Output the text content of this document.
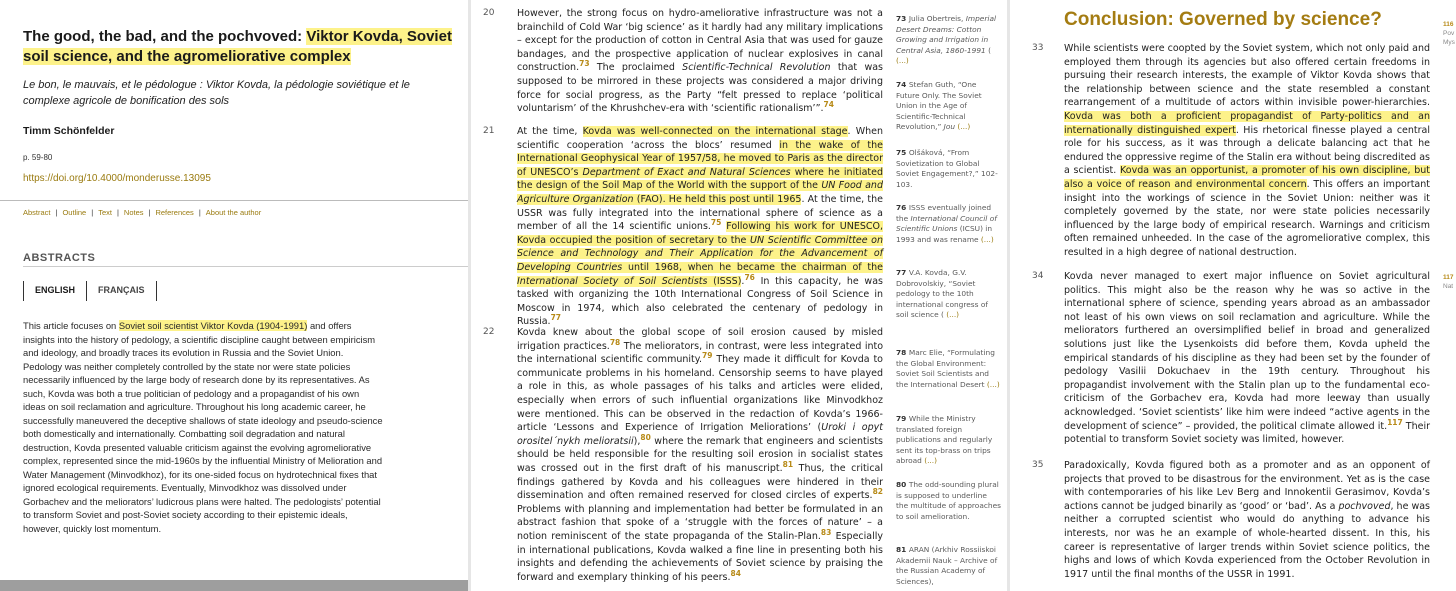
The good, the bad, and the pochvoved: Viktor Kovda, Soviet soil science, and the agromeliorative complex

Le bon, le mauvais, et le pédologue : Viktor Kovda, la pédologie soviétique et le complexe agricole de bonification des sols

Timm Schönfelder
p. 59-80
https://doi.org/10.4000/monderusse.13095
Abstract | Outline | Text | Notes | References | About the author
ABSTRACTS
ENGLISH	FRANÇAIS

This article focuses on Soviet soil scientist Viktor Kovda (1904-1991) and offers insights into the history of pedology, a scientific discipline caught between empiricism and ideology, and broadly traces its evolution in Russia and the Soviet Union. Pedology was neither completely controlled by the state nor were state policies necessarily influenced by the large body of research done by its representatives. As such, Kovda was both a true politician of pedology and a propagandist of his own ideas on soil reclamation and agriculture. Throughout his long academic career, he successfully maneuvered the deceptive shallows of state ideology and pseudo-science both domestically and internationally. Combatting soil degradation and natural destruction, Kovda presented valuable criticism against the evolving agromeliorative complex, represented since the mid-1960s by the influential Ministry of Melioration and Water Management (Minvodkhoz), for its one-sided focus on hydrotechnical fixes that ignored ecological requirements. Eventually, Minvodkhoz was dissolved under Gorbachev and the meliorators’ ludicrous plans were halted. The pedologists’ potential to transform Soviet and post-Soviet society according to their epistemic ideals, however, quickly lost momentum.

20 However, the strong focus on hydro-ameliorative infrastructure was not a brainchild of Cold War ‘big science’ as it hardly had any military implications – except for the production of cotton in Central Asia that was used for gauze bandages, and the prospective application of nuclear explosives in canal construction.$^{73}$ The proclaimed Scientific-Technical Revolution that was supposed to be mirrored in these projects was considered a major driving force for social progress, as the Party “felt pressed to replace ‘political voluntarism’ of the Khrushchev-era with ‘scientific rationalism’”.$^{74}$

21 At the time, Kovda was well-connected on the international stage. When scientific cooperation ‘across the blocs’ resumed in the wake of the International Geophysical Year of 1957/58, he moved to Paris as the director of UNESCO’s Department of Exact and Natural Sciences where he initiated the design of the Soil Map of the World with the support of the UN Food and Agriculture Organization (FAO). He held this post until 1965. At the time, the USSR was fully integrated into the international sphere of science as a member of all the 14 scientific unions.$^{75}$ Following his work for UNESCO, Kovda occupied the position of secretary to the UN Scientific Committee on Science and Technology and Their Application for the Advancement of Developing Countries until 1968, when he became the chairman of the International Society of Soil Scientists (ISSS).$^{76}$ In this capacity, he was tasked with organizing the 10th International Congress of Soil Science in Moscow in 1974, which also celebrated the centenary of pedology in Russia.$^{77}$

22 Kovda knew about the global scope of soil erosion caused by misled irrigation practices.$^{78}$ The meliorators, in contrast, were less integrated into the international scientific community.$^{79}$ They made it difficult for Kovda to communicate problems in his homeland. Censorship seems to have played a role in this, as whole passages of his talks and articles were elided, especially when errors of such influential organizations like Minvodkhoz were mentioned. This can be observed in the redaction of Kovda’s 1966-article ‘Lessons and Experience of Irrigation Meliorations’ (Uroki i opyt orositel´nykh melioratsii),$^{80}$ where the remark that engineers and scientists should be held responsible for the resulting soil erosion in socialist states was crossed out in the first draft of his manuscript.$^{81}$ Thus, the critical findings gathered by Kovda and his colleagues were hindered in their dissemination and often remained reserved for closed circles of experts.$^{82}$ Problems with planning and implementation had better be formulated in an abstract fashion that spoke of a ‘struggle with the forces of nature’ – a notion reminiscent of the state propaganda of the Stalin-Plan.$^{83}$ Especially in international publications, Kovda walked a fine line in presenting both his insights and defending the achievements of Soviet science by praising the forward and exemplary thinking of his peers.$^{84}$

73 Julia Obertreis, Imperial Desert Dreams: Cotton Growing and Irrigation in Central Asia, 1860-1991 ( (...)

74 Stefan Guth, “One Future Only. The Soviet Union in the Age of Scientific-Technical Revolution,” Jou (...)

75 Olšáková, “From Sovietization to Global Soviet Engagement?,” 102-103.

76 ISSS eventually joined the International Council of Scientific Unions (ICSU) in 1993 and was rename (...)

77 V.A. Kovda, G.V. Dobrovolskiy, “Soviet pedology to the 10th international congress of soil science ( (...)

78 Marc Elie, “Formulating the Global Environment: Soviet Soil Scientists and the International Desert (...)

79 While the Ministry translated foreign publications and regularly sent its top-brass on trips abroad (...)

80 The odd-sounding plural is supposed to underline the multitude of approaches to soil amelioration.

81 ARAN (Arkhiv Rossiiskoi Akademii Nauk – Archive of the Russian Academy of Sciences),

Conclusion: Governed by science?
33 While scientists were coopted by the Soviet system, which not only paid and employed them through its agencies but also offered certain freedoms in pursuing their research interests, the example of Viktor Kovda shows that the relationship between science and the state resembled a constant rearrangement of a multitude of actors within invisible power-hierarchies. Kovda was both a proficient propagandist of Party-politics and an internationally distinguished expert. His rhetorical finesse played a central role for his success, as it was through a delicate balancing act that he endured the oppressive regime of the Stalin era without being discredited as a scientist. Kovda was an opportunist, a promoter of his own discipline, but also a voice of reason and environmental concern. This offers an important insight into the workings of science in the Soviet Union: neither was it completely governed by the state, nor were state policies necessarily influenced by the large body of empirical research. Warnings and criticism often remained unheeded. In the case of the agromeliorative complex, this resulted in a high degree of national destruction.

34 Kovda never managed to exert major influence on Soviet agricultural politics. This might also be the reason why he was so active in the international sphere of science, spending years abroad as an ambassador not least of his own views on soil reclamation and agriculture. While the meliorators furthered an oversimplified belief in broad and generalized solutions just like the Lysenkoists did before them, Kovda upheld the empirical standards of his discipline as they had been set by the founder of pedology Vasilii Dokuchaev in the 19th century. Throughout his propagandist involvement with the Stalin plan up to the fundamental eco-criticism of the Gorbachev era, Kovda had more leeway than usually acknowledged. ‘Soviet scientists’ like him were indeed “active agents in the development of science” – provided, the political climate allowed it.$^{117}$ Their potential to transform Soviet society was limited, however.

35 Paradoxically, Kovda figured both as a promoter and as an opponent of projects that proved to be disastrous for the environment. Yet as is the case with contemporaries of his like Lev Berg and Innokentii Gerasimov, Kovda’s actions cannot be judged binarily as ‘good’ or ‘bad’. As a pochvoved, he was neither a corrupted scientist who would do anything to advance his interests, nor was he an example of whole-hearted dissent. In this, his career is representative of larger trends within Soviet science politics, the highs and lows of which Kovda experienced from the October Revolution in 1917 until the final months of the USSR in 1991.

116
Pov
Mys
117
Nat
